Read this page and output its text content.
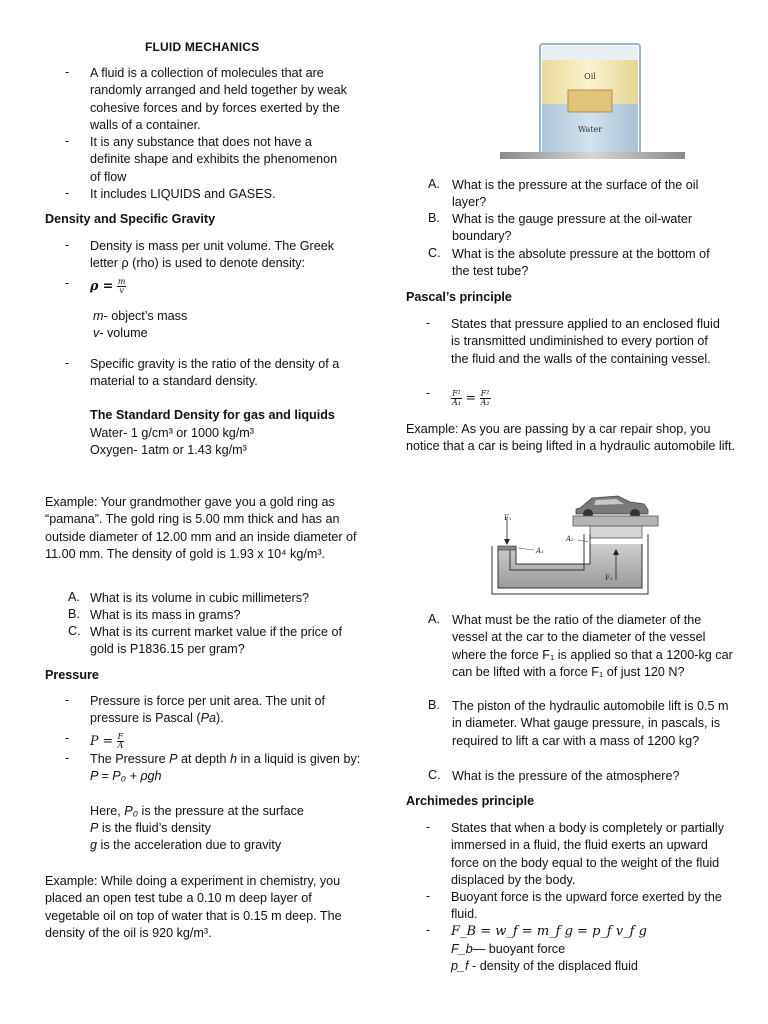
FLUID MECHANICS
- A fluid is a collection of molecules that are randomly arranged and held together by weak cohesive forces and by forces exerted by the walls of a container.
- It is any substance that does not have a definite shape and exhibits the phenomenon of flow
- It includes LIQUIDS and GASES.
Density and Specific Gravity
- Density is mass per unit volume. The Greek letter ρ (rho) is used to denote density:
- $\rho = \frac{m}{v}$
m- object’s mass
v- volume
- Specific gravity is the ratio of the density of a material to a standard density.
The Standard Density for gas and liquids
Water- 1 g/cm³ or 1000 kg/m³
Oxygen- 1atm or 1.43 kg/m³
Example: Your grandmother gave you a gold ring as “pamana”. The gold ring is 5.00 mm thick and has an outside diameter of 12.00 mm and an inside diameter of 11.00 mm. The density of gold is 1.93 x 10⁴ kg/m³.
A. What is its volume in cubic millimeters?
B. What is its mass in grams?
C. What is its current market value if the price of gold is P1836.15 per gram?
Pressure
- Pressure is force per unit area. The unit of pressure is Pascal (Pa).
- $P = \frac{F}{A}$
- The Pressure P at depth h in a liquid is given by: P = P₀ + ρgh
Here, P₀ is the pressure at the surface
P is the fluid’s density
g is the acceleration due to gravity
Example: While doing a experiment in chemistry, you placed an open test tube a 0.10 m deep layer of vegetable oil on top of water that is 0.15 m deep. The density of the oil is 920 kg/m³.
Oil
Water
A. What is the pressure at the surface of the oil layer?
B. What is the gauge pressure at the oil-water boundary?
C. What is the absolute pressure at the bottom of the test tube?
Pascal’s principle
- States that pressure applied to an enclosed fluid is transmitted undiminished to every portion of the fluid and the walls of the containing vessel.
-	$\frac{\text{F¹}}{\text{A₁}} = \frac{\text{F²}}{\text{A₂}}$
Example: As you are passing by a car repair shop, you notice that a car is being lifted in a hydraulic automobile lift.
F₁
A₁
A₂
F₂
A. What must be the ratio of the diameter of the vessel at the car to the diameter of the vessel where the force F₁ is applied so that a 1200-kg car can be lifted with a force F₁ of just 120 N?
B. The piston of the hydraulic automobile lift is 0.5 m in diameter. What gauge pressure, in pascals, is required to lift a car with a mass of 1200 kg?
C. What is the pressure of the atmosphere?
Archimedes principle
- States that when a body is completely or partially immersed in a fluid, the fluid exerts an upward force on the body equal to the weight of the fluid displaced by the body.
- Buoyant force is the upward force exerted by the fluid.
- F_B = w_f = m_f g = p_f v_f g
F_b— buoyant force
p_f - density of the displaced fluid
